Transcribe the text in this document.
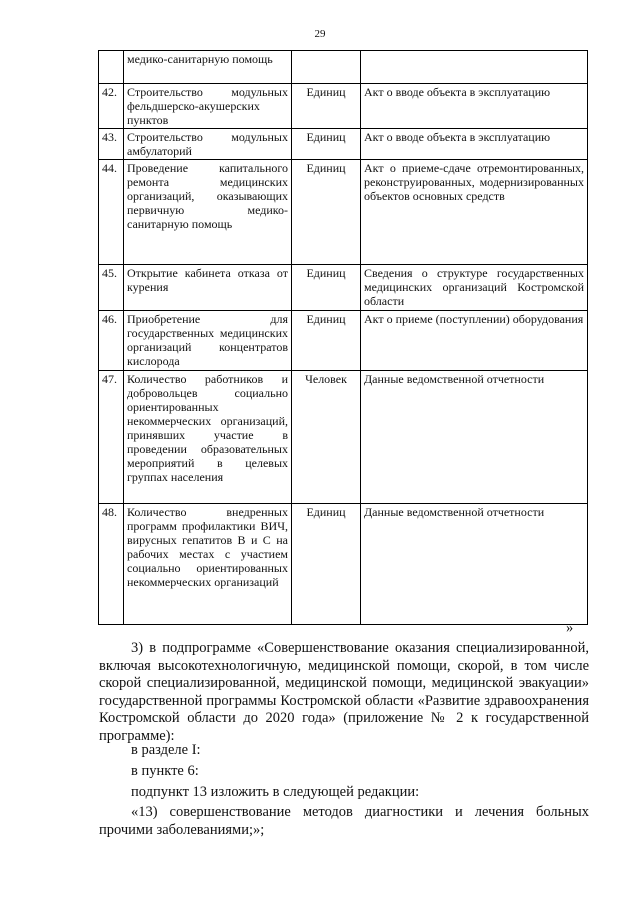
29
	медико-санитарную помощь		
42.	Строительство модульных фельдшерско-акушерских пунктов	Единиц	Акт о вводе объекта в эксплуатацию
43.	Строительство модульных амбулаторий	Единиц	Акт о вводе объекта в эксплуатацию
44.	Проведение капитального ремонта медицинских организаций, оказывающих первичную медико-санитарную помощь	Единиц	Акт о приеме-сдаче отремонтированных, реконструированных, модернизированных объектов основных средств
45.	Открытие кабинета отказа от курения	Единиц	Сведения о структуре государственных медицинских организаций Костромской области
46.	Приобретение для государственных медицинских организаций концентратов кислорода	Единиц	Акт о приеме (поступлении) оборудования
47.	Количество работников и добровольцев социально ориентированных некоммерческих организаций, принявших участие в проведении образовательных мероприятий в целевых группах населения	Человек	Данные ведомственной отчетности
48.	Количество внедренных программ профилактики ВИЧ, вирусных гепатитов В и С на рабочих местах с участием социально ориентированных некоммерческих организаций	Единиц	Данные ведомственной отчетности
»
3) в подпрограмме «Совершенствование оказания специализированной, включая высокотехнологичную, медицинской помощи, скорой, в том числе скорой специализированной, медицинской помощи, медицинской эвакуации» государственной программы Костромской области «Развитие здравоохранения Костромской области до 2020 года» (приложение № 2 к государственной программе):
в разделе I:
в пункте 6:
подпункт 13 изложить в следующей редакции:
«13) совершенствование методов диагностики и лечения больных прочими заболеваниями;»;
